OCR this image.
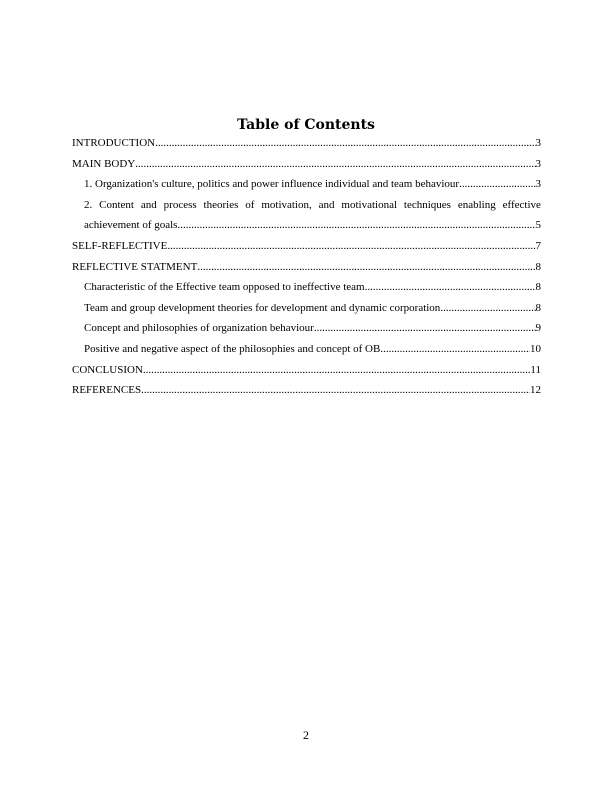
Table of Contents
INTRODUCTION .....	3
MAIN BODY .....	3
1. Organization's culture, politics and power influence individual and team behaviour .....	3
2. Content and process theories of motivation, and motivational techniques enabling effective
achievement of goals .....	5
SELF-REFLECTIVE .....	7
REFLECTIVE STATMENT .....	8
Characteristic of the Effective team opposed to ineffective team .....	8
Team and group development theories for development and dynamic corporation .....	8
Concept and philosophies of organization behaviour .....	9
Positive and negative aspect of the philosophies and concept of OB .....	10
CONCLUSION .....	11
REFERENCES .....	12
2
